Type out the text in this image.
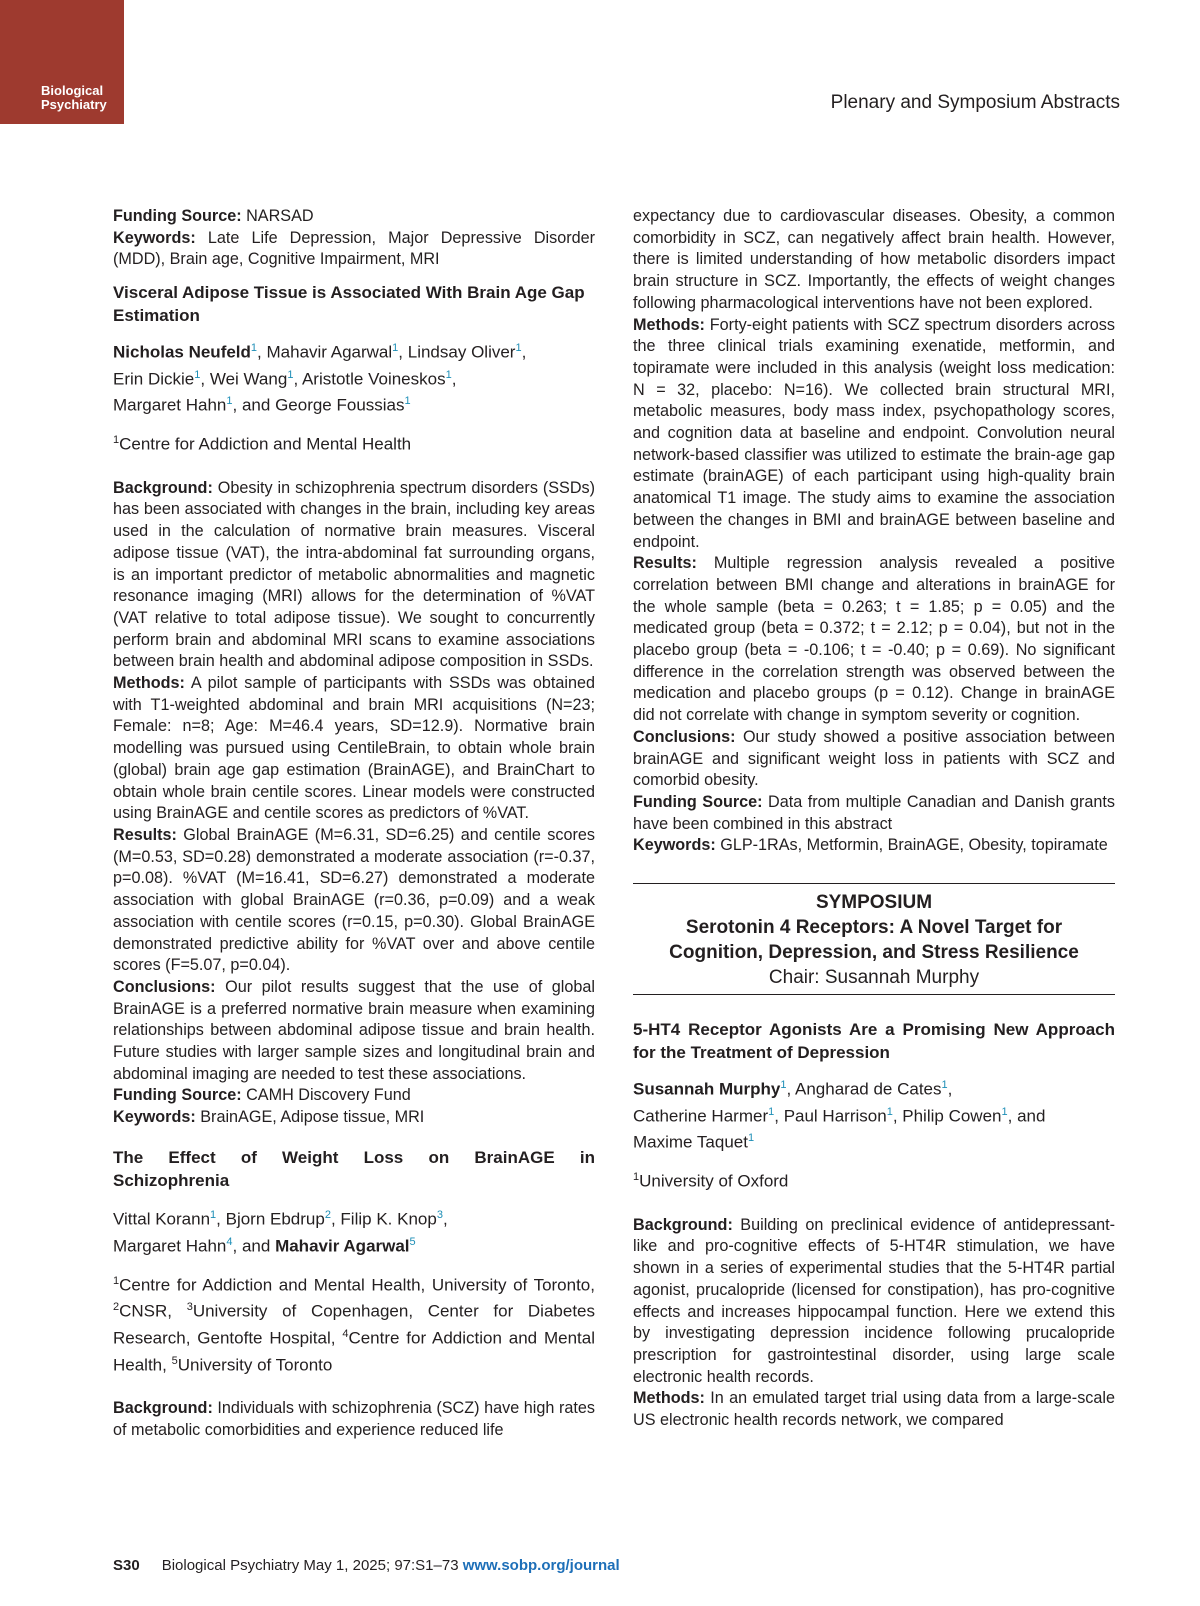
Biological
Psychiatry	Plenary and Symposium Abstracts

Funding Source: NARSAD

Keywords: Late Life Depression, Major Depressive Disorder (MDD), Brain age, Cognitive Impairment, MRI

Visceral Adipose Tissue is Associated With Brain Age Gap Estimation
Nicholas Neufeld$^1$, Mahavir Agarwal$^1$, Lindsay Oliver$^1$,
Erin Dickie$^1$, Wei Wang$^1$, Aristotle Voineskos$^1$,
Margaret Hahn$^1$, and George Foussias$^1$
$^1$Centre for Addiction and Mental Health

Background: Obesity in schizophrenia spectrum disorders (SSDs) has been associated with changes in the brain, including key areas used in the calculation of normative brain measures. Visceral adipose tissue (VAT), the intra-abdominal fat surrounding organs, is an important predictor of metabolic abnormalities and magnetic resonance imaging (MRI) allows for the determination of %VAT (VAT relative to total adipose tissue). We sought to concurrently perform brain and abdominal MRI scans to examine associations between brain health and abdominal adipose composition in SSDs.

Methods: A pilot sample of participants with SSDs was obtained with T1-weighted abdominal and brain MRI acquisitions (N=23; Female: n=8; Age: M=46.4 years, SD=12.9). Normative brain modelling was pursued using CentileBrain, to obtain whole brain (global) brain age gap estimation (BrainAGE), and BrainChart to obtain whole brain centile scores. Linear models were constructed using BrainAGE and centile scores as predictors of %VAT.

Results: Global BrainAGE (M=6.31, SD=6.25) and centile scores (M=0.53, SD=0.28) demonstrated a moderate association (r=-0.37, p=0.08). %VAT (M=16.41, SD=6.27) demonstrated a moderate association with global BrainAGE (r=0.36, p=0.09) and a weak association with centile scores (r=0.15, p=0.30). Global BrainAGE demonstrated predictive ability for %VAT over and above centile scores (F=5.07, p=0.04).

Conclusions: Our pilot results suggest that the use of global BrainAGE is a preferred normative brain measure when examining relationships between abdominal adipose tissue and brain health. Future studies with larger sample sizes and longitudinal brain and abdominal imaging are needed to test these associations.

Funding Source: CAMH Discovery Fund

Keywords: BrainAGE, Adipose tissue, MRI

The Effect of Weight Loss on BrainAGE in
Schizophrenia
Vittal Korann$^1$, Bjorn Ebdrup$^2$, Filip K. Knop$^3$,
Margaret Hahn$^4$, and Mahavir Agarwal$^5$
$^1$Centre for Addiction and Mental Health, University of Toronto, $^2$CNSR, $^3$University of Copenhagen, Center for Diabetes Research, Gentofte Hospital, $^4$Centre for Addiction and Mental Health, $^5$University of Toronto

Background: Individuals with schizophrenia (SCZ) have high rates of metabolic comorbidities and experience reduced life

expectancy due to cardiovascular diseases. Obesity, a common comorbidity in SCZ, can negatively affect brain health. However, there is limited understanding of how metabolic disorders impact brain structure in SCZ. Importantly, the effects of weight changes following pharmacological interventions have not been explored.

Methods: Forty-eight patients with SCZ spectrum disorders across the three clinical trials examining exenatide, metformin, and topiramate were included in this analysis (weight loss medication: N = 32, placebo: N=16). We collected brain structural MRI, metabolic measures, body mass index, psychopathology scores, and cognition data at baseline and endpoint. Convolution neural network-based classifier was utilized to estimate the brain-age gap estimate (brainAGE) of each participant using high-quality brain anatomical T1 image. The study aims to examine the association between the changes in BMI and brainAGE between baseline and endpoint.

Results: Multiple regression analysis revealed a positive correlation between BMI change and alterations in brainAGE for the whole sample (beta = 0.263; t = 1.85; p = 0.05) and the medicated group (beta = 0.372; t = 2.12; p = 0.04), but not in the placebo group (beta = -0.106; t = -0.40; p = 0.69). No significant difference in the correlation strength was observed between the medication and placebo groups (p = 0.12). Change in brainAGE did not correlate with change in symptom severity or cognition.

Conclusions: Our study showed a positive association between brainAGE and significant weight loss in patients with SCZ and comorbid obesity.

Funding Source: Data from multiple Canadian and Danish grants have been combined in this abstract

Keywords: GLP-1RAs, Metformin, BrainAGE, Obesity, topiramate

SYMPOSIUM
Serotonin 4 Receptors: A Novel Target for
Cognition, Depression, and Stress Resilience
Chair: Susannah Murphy
5-HT4 Receptor Agonists Are a Promising New Approach for the Treatment of Depression
Susannah Murphy$^1$, Angharad de Cates$^1$,
Catherine Harmer$^1$, Paul Harrison$^1$, Philip Cowen$^1$, and
Maxime Taquet$^1$
$^1$University of Oxford

Background: Building on preclinical evidence of antidepressant-like and pro-cognitive effects of 5-HT4R stimulation, we have shown in a series of experimental studies that the 5-HT4R partial agonist, prucalopride (licensed for constipation), has pro-cognitive effects and increases hippocampal function. Here we extend this by investigating depression incidence following prucalopride prescription for gastrointestinal disorder, using large scale electronic health records.

Methods: In an emulated target trial using data from a large-scale US electronic health records network, we compared

S30 Biological Psychiatry May 1, 2025; 97:S1–73 www.sobp.org/journal
